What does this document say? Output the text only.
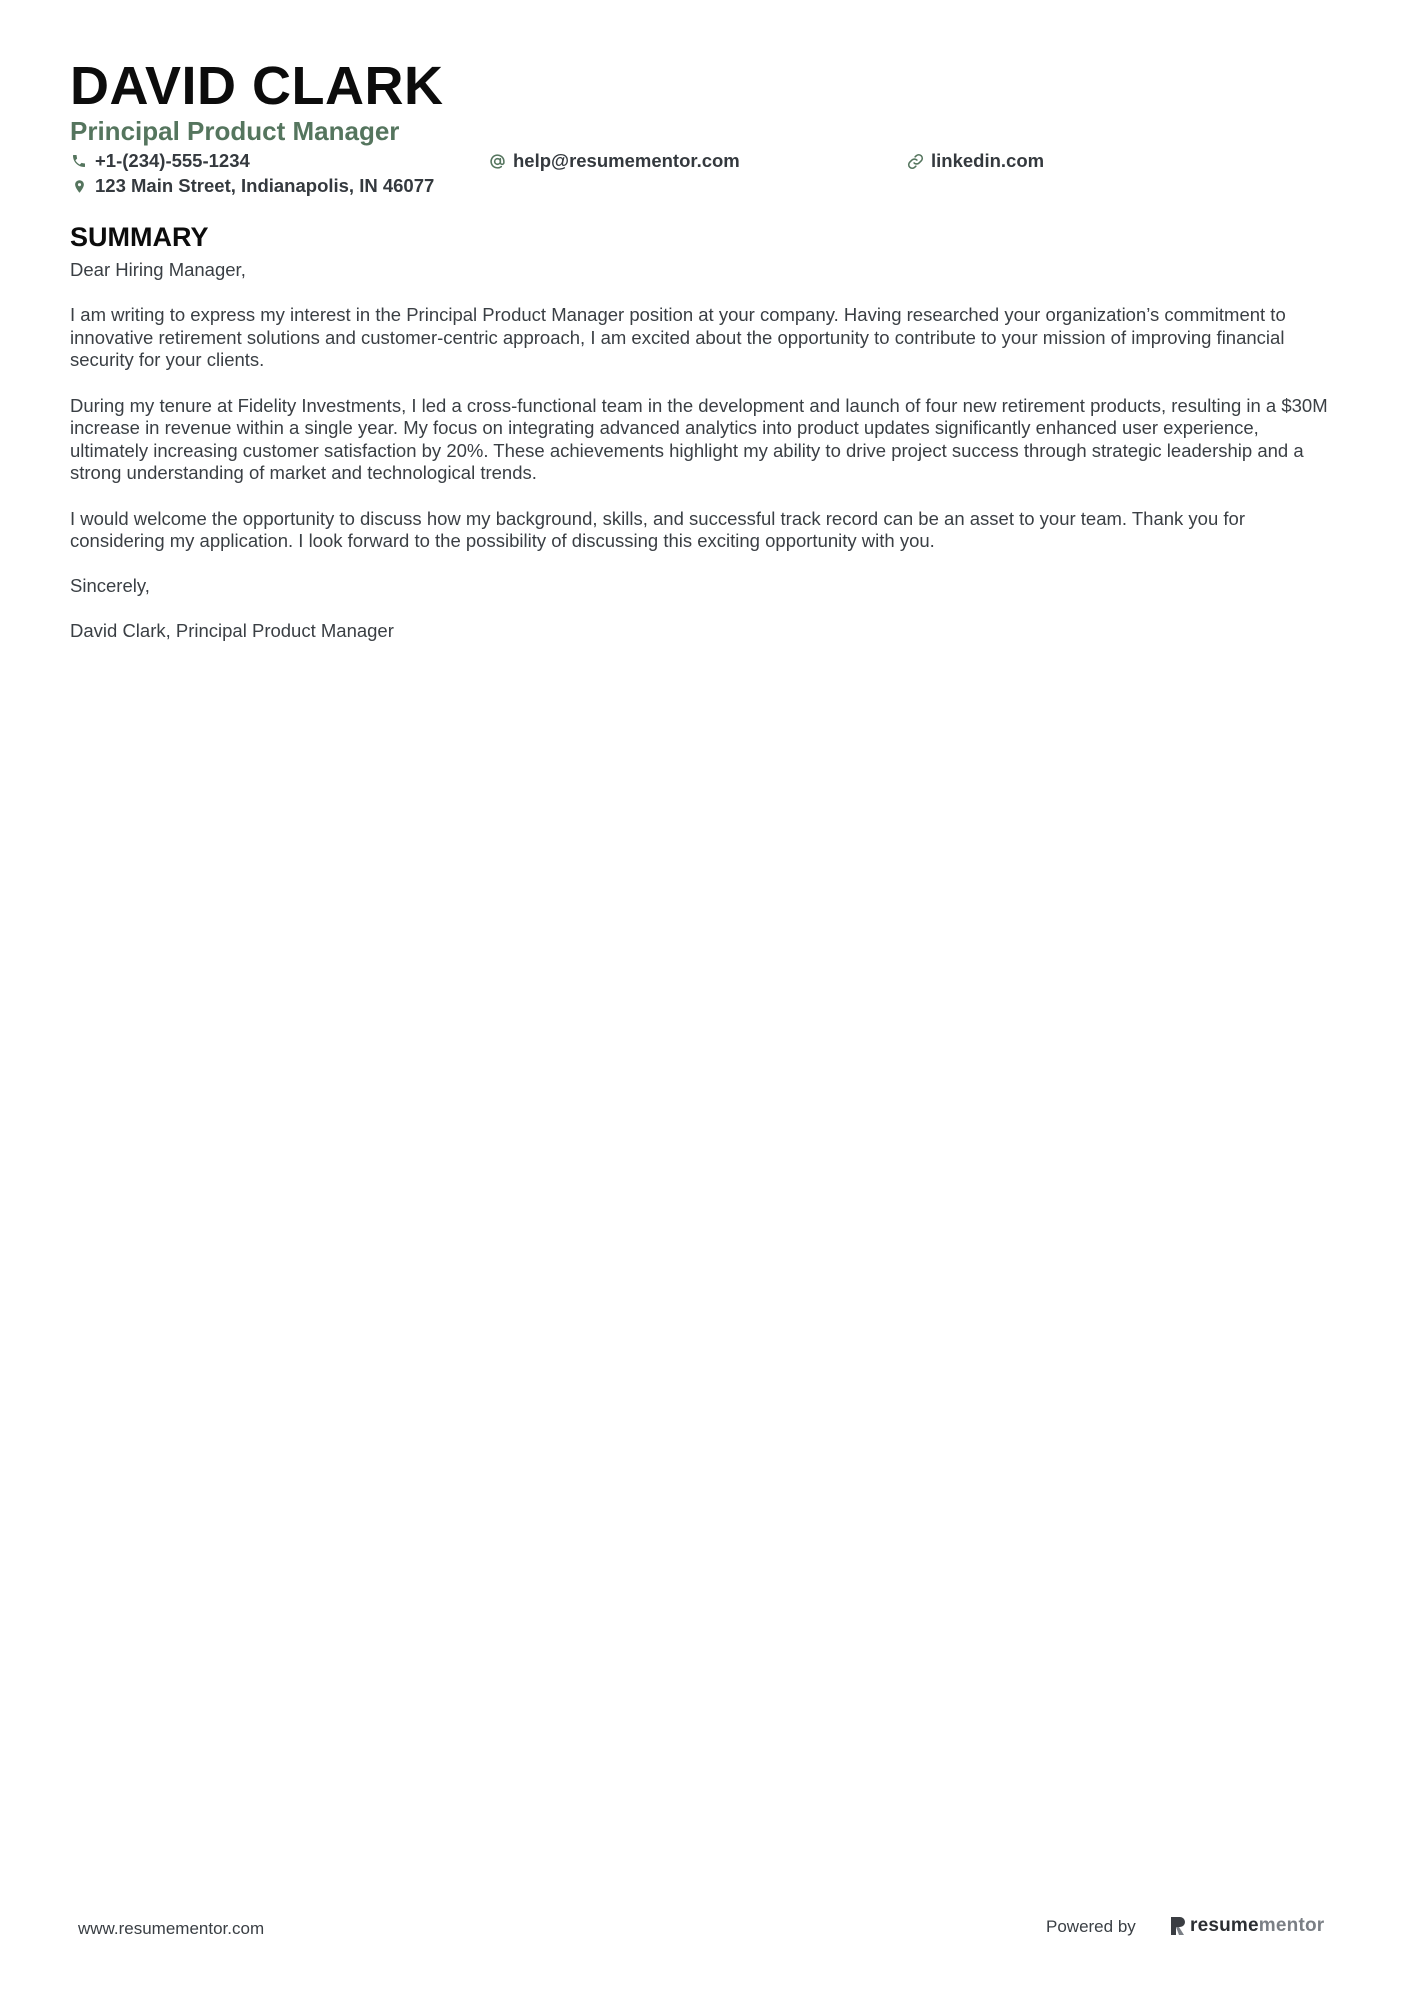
DAVID CLARK
Principal Product Manager
+1-(234)-555-1234	help@resumementor.com	linkedin.com
123 Main Street, Indianapolis, IN 46077
SUMMARY

Dear Hiring Manager,

I am writing to express my interest in the Principal Product Manager position at your company. Having researched your organization’s commitment to innovative retirement solutions and customer-centric approach, I am excited about the opportunity to contribute to your mission of improving financial security for your clients.

During my tenure at Fidelity Investments, I led a cross-functional team in the development and launch of four new retirement products, resulting in a $30M increase in revenue within a single year. My focus on integrating advanced analytics into product updates significantly enhanced user experience, ultimately increasing customer satisfaction by 20%. These achievements highlight my ability to drive project success through strategic leadership and a strong understanding of market and technological trends.

I would welcome the opportunity to discuss how my background, skills, and successful track record can be an asset to your team. Thank you for considering my application. I look forward to the possibility of discussing this exciting opportunity with you.

Sincerely,

David Clark, Principal Product Manager

www.resumementor.com	Powered by	resumementor
